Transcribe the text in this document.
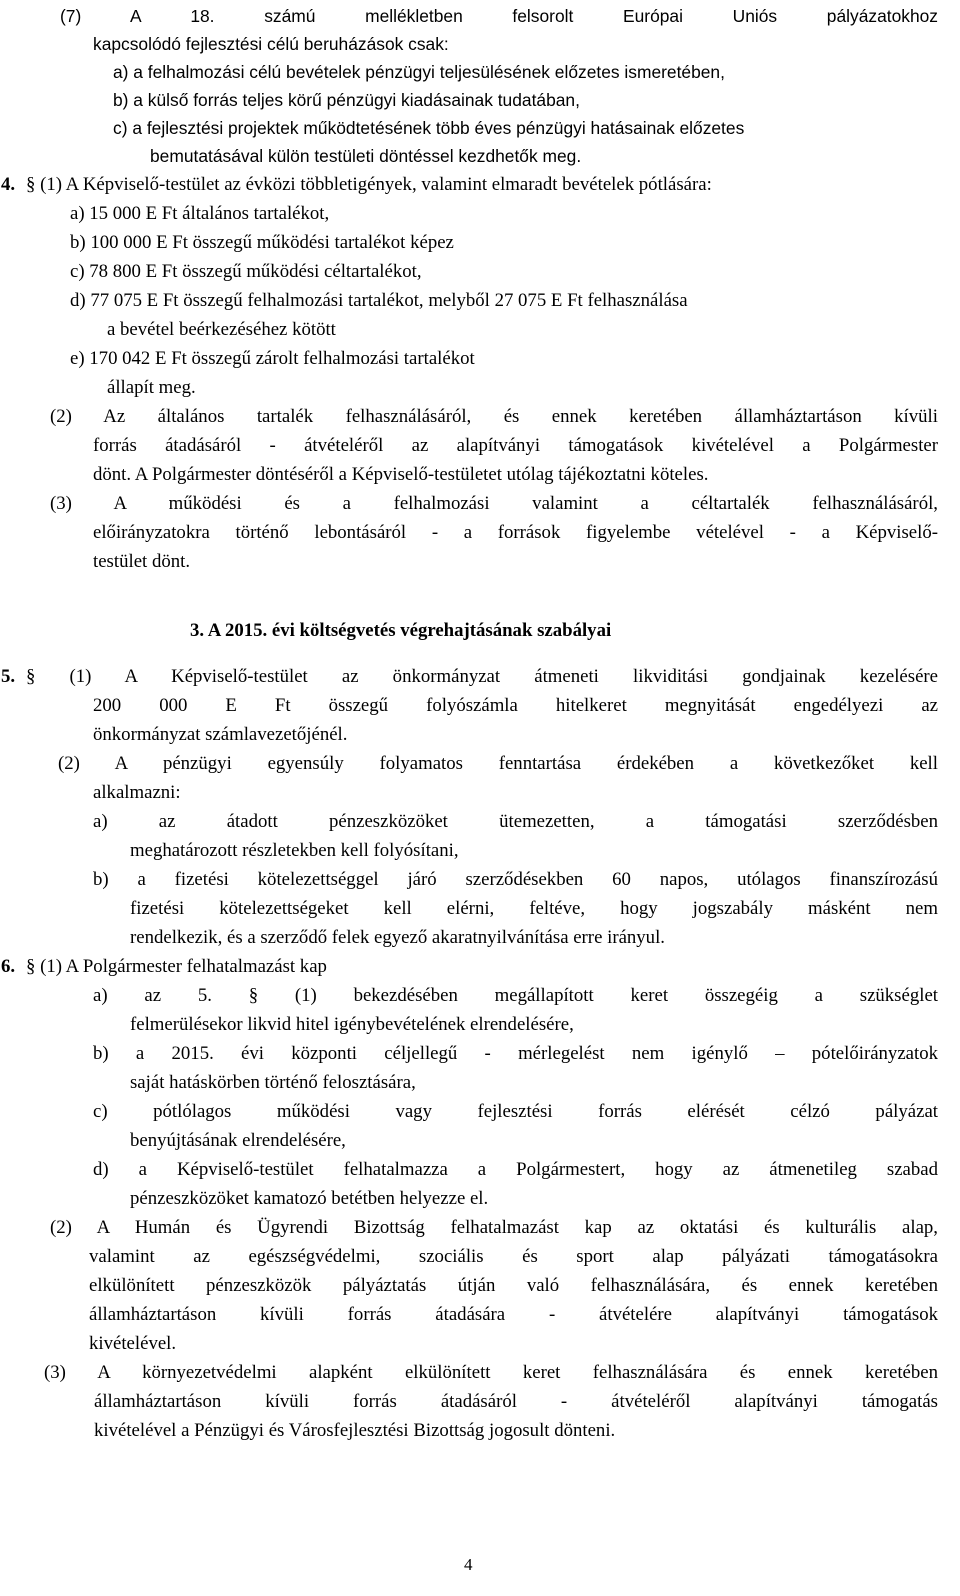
(7) A 18. számú mellékletben felsorolt Európai Uniós pályázatokhoz
kapcsolódó fejlesztési célú beruházások csak:
a) a felhalmozási célú bevételek pénzügyi teljesülésének előzetes ismeretében,
b) a külső forrás teljes körű pénzügyi kiadásainak tudatában,
c) a fejlesztési projektek működtetésének több éves pénzügyi hatásainak előzetes
bemutatásával külön testületi döntéssel kezdhetők meg.
4. § (1) A Képviselő-testület az évközi többletigények, valamint elmaradt bevételek pótlására:
a) 15 000 E Ft általános tartalékot,
b) 100 000 E Ft összegű működési tartalékot képez
c) 78 800 E Ft összegű működési céltartalékot,
d) 77 075 E Ft összegű felhalmozási tartalékot, melyből 27 075 E Ft felhasználása
a bevétel beérkezéséhez kötött
e) 170 042 E Ft összegű zárolt felhalmozási tartalékot
állapít meg.
(2) Az általános tartalék felhasználásáról, és ennek keretében államháztartáson kívüli
forrás átadásáról - átvételéről az alapítványi támogatások kivételével a Polgármester
dönt. A Polgármester döntéséről a Képviselő-testületet utólag tájékoztatni köteles.
(3) A működési és a felhalmozási valamint a céltartalék felhasználásáról,
előirányzatokra történő lebontásáról - a források figyelembe vételével - a Képviselő-
testület dönt.
3. A 2015. évi költségvetés végrehajtásának szabályai
5. § (1) A Képviselő-testület az önkormányzat átmeneti likviditási gondjainak kezelésére
200 000 E Ft összegű folyószámla hitelkeret megnyitását engedélyezi az
önkormányzat számlavezetőjénél.
(2) A pénzügyi egyensúly folyamatos fenntartása érdekében a következőket kell
alkalmazni:
a) az átadott pénzeszközöket ütemezetten, a támogatási szerződésben
meghatározott részletekben kell folyósítani,
b) a fizetési kötelezettséggel járó szerződésekben 60 napos, utólagos finanszírozású
fizetési kötelezettségeket kell elérni, feltéve, hogy jogszabály másként nem
rendelkezik, és a szerződő felek egyező akaratnyilvánítása erre irányul.
6. § (1) A Polgármester felhatalmazást kap
a) az 5. § (1) bekezdésében megállapított keret összegéig a szükséglet
felmerülésekor likvid hitel igénybevételének elrendelésére,
b) a 2015. évi központi céljellegű - mérlegelést nem igénylő – pótelőirányzatok
saját hatáskörben történő felosztására,
c) pótlólagos működési vagy fejlesztési forrás elérését célzó pályázat
benyújtásának elrendelésére,
d) a Képviselő-testület felhatalmazza a Polgármestert, hogy az átmenetileg szabad
pénzeszközöket kamatozó betétben helyezze el.
(2) A Humán és Ügyrendi Bizottság felhatalmazást kap az oktatási és kulturális alap,
valamint az egészségvédelmi, szociális és sport alap pályázati támogatásokra
elkülönített pénzeszközök pályáztatás útján való felhasználására, és ennek keretében
államháztartáson kívüli forrás átadására - átvételére alapítványi támogatások
kivételével.
(3) A környezetvédelmi alapként elkülönített keret felhasználására és ennek keretében
államháztartáson kívüli forrás átadásáról - átvételéről alapítványi támogatás
kivételével a Pénzügyi és Városfejlesztési Bizottság jogosult dönteni.
4
